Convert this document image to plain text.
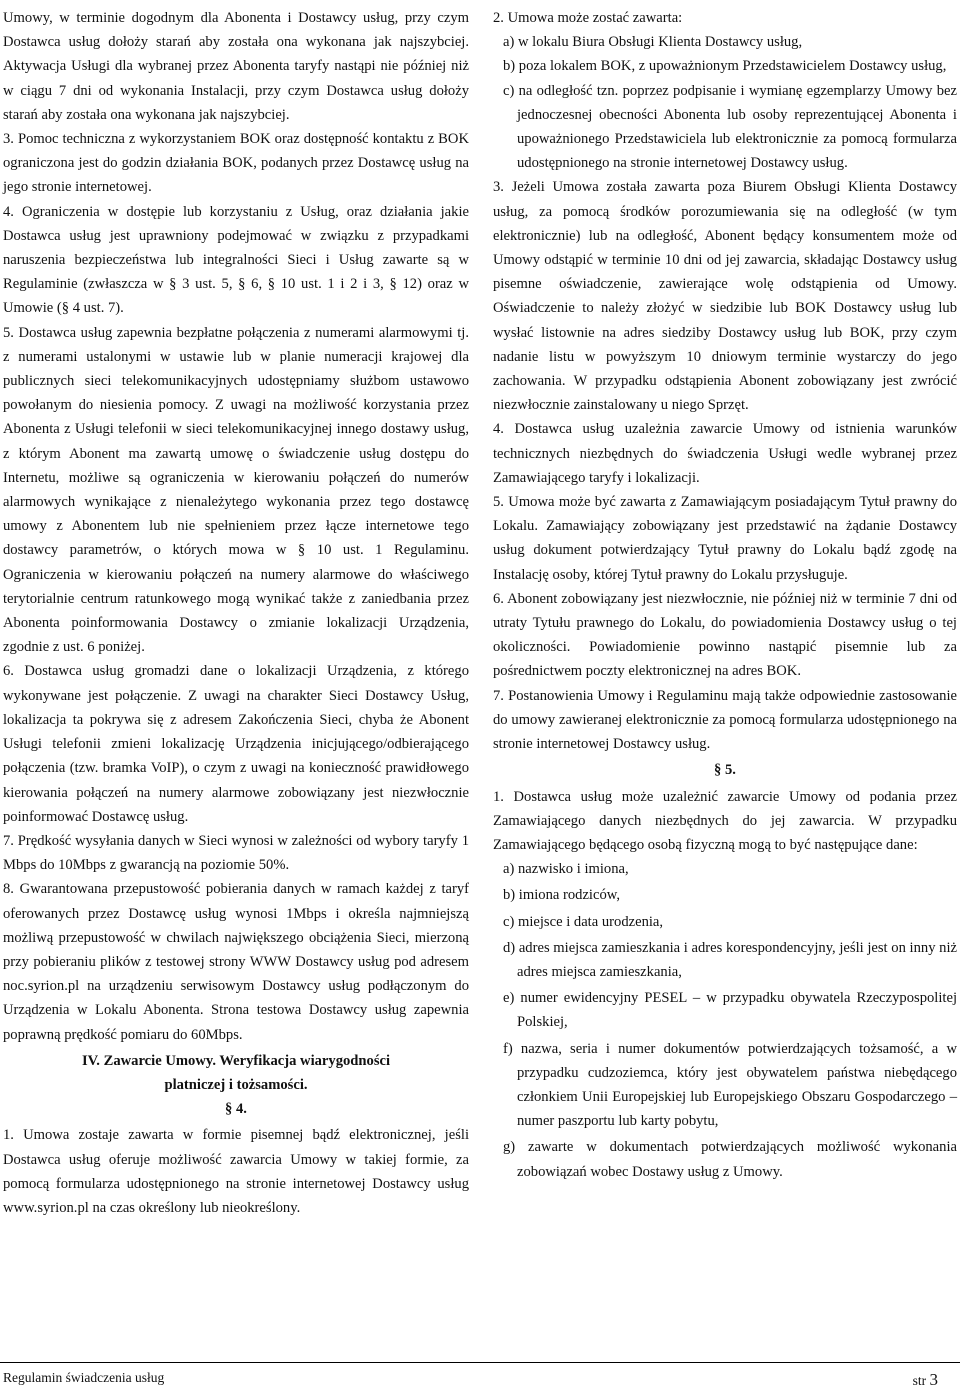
Umowy, w terminie dogodnym dla Abonenta i Dostawcy usług, przy czym Dostawca usług dołoży starań aby została ona wykonana jak najszybciej. Aktywacja Usługi dla wybranej przez Abonenta taryfy nastąpi nie później niż w ciągu 7 dni od wykonania Instalacji, przy czym Dostawca usług dołoży starań aby została ona wykonana jak najszybciej.

3. Pomoc techniczna z wykorzystaniem BOK oraz dostępność kontaktu z BOK ograniczona jest do godzin działania BOK, podanych przez Dostawcę usług na jego stronie internetowej.

4. Ograniczenia w dostępie lub korzystaniu z Usług, oraz działania jakie Dostawca usług jest uprawniony podejmować w związku z przypadkami naruszenia bezpieczeństwa lub integralności Sieci i Usług zawarte są w Regulaminie (zwłaszcza w § 3 ust. 5, § 6, § 10 ust. 1 i 2 i 3, § 12) oraz w Umowie (§ 4 ust. 7).

5. Dostawca usług zapewnia bezpłatne połączenia z numerami alarmowymi tj. z numerami ustalonymi w ustawie lub w planie numeracji krajowej dla publicznych sieci telekomunikacyjnych udostępniamy służbom ustawowo powołanym do niesienia pomocy. Z uwagi na możliwość korzystania przez Abonenta z Usługi telefonii w sieci telekomunikacyjnej innego dostawy usług, z którym Abonent ma zawartą umowę o świadczenie usług dostępu do Internetu, możliwe są ograniczenia w kierowaniu połączeń do numerów alarmowych wynikające z nienależytego wykonania przez tego dostawcę umowy z Abonentem lub nie spełnieniem przez łącze internetowe tego dostawcy parametrów, o których mowa w § 10 ust. 1 Regulaminu. Ograniczenia w kierowaniu połączeń na numery alarmowe do właściwego terytorialnie centrum ratunkowego mogą wynikać także z zaniedbania przez Abonenta poinformowania Dostawcy o zmianie lokalizacji Urządzenia, zgodnie z ust. 6 poniżej.

6. Dostawca usług gromadzi dane o lokalizacji Urządzenia, z którego wykonywane jest połączenie. Z uwagi na charakter Sieci Dostawcy Usług, lokalizacja ta pokrywa się z adresem Zakończenia Sieci, chyba że Abonent Usługi telefonii zmieni lokalizację Urządzenia inicjującego/odbierającego połączenia (tzw. bramka VoIP), o czym z uwagi na konieczność prawidłowego kierowania połączeń na numery alarmowe zobowiązany jest niezwłocznie poinformować Dostawcę usług.

7. Prędkość wysyłania danych w Sieci wynosi w zależności od wybory taryfy 1 Mbps do 10Mbps z gwarancją na poziomie 50%.

8. Gwarantowana przepustowość pobierania danych w ramach każdej z taryf oferowanych przez Dostawcę usług wynosi 1Mbps i określa najmniejszą możliwą przepustowość w chwilach największego obciążenia Sieci, mierzoną przy pobieraniu plików z testowej strony WWW Dostawcy usług pod adresem noc.syrion.pl na urządzeniu serwisowym Dostawcy usług podłączonym do Urządzenia w Lokalu Abonenta. Strona testowa Dostawcy usług zapewnia poprawną prędkość pomiaru do 60Mbps.

IV. Zawarcie Umowy. Weryfikacja wiarygodności
platniczej i tożsamości.
§ 4.

1. Umowa zostaje zawarta w formie pisemnej bądź elektronicznej, jeśli Dostawca usług oferuje możliwość zawarcia Umowy w takiej formie, za pomocą formularza udostępnionego na stronie internetowej Dostawcy usług www.syrion.pl na czas określony lub nieokreślony.

2. Umowa może zostać zawarta:

a) w lokalu Biura Obsługi Klienta Dostawcy usług,

b) poza lokalem BOK, z upoważnionym Przedstawicielem Dostawcy usług,

c) na odległość tzn. poprzez podpisanie i wymianę egzemplarzy Umowy bez jednoczesnej obecności Abonenta lub osoby reprezentującej Abonenta i upoważnionego Przedstawiciela lub elektronicznie za pomocą formularza udostępnionego na stronie internetowej Dostawcy usług.

3. Jeżeli Umowa została zawarta poza Biurem Obsługi Klienta Dostawcy usług, za pomocą środków porozumiewania się na odległość (w tym elektronicznie) lub na odległość, Abonent będący konsumentem może od Umowy odstąpić w terminie 10 dni od jej zawarcia, składając Dostawcy usług pisemne oświadczenie, zawierające wolę odstąpienia od Umowy. Oświadczenie to należy złożyć w siedzibie lub BOK Dostawcy usług lub wysłać listownie na adres siedziby Dostawcy usług lub BOK, przy czym nadanie listu w powyższym 10 dniowym terminie wystarczy do jego zachowania. W przypadku odstąpienia Abonent zobowiązany jest zwrócić niezwłocznie zainstalowany u niego Sprzęt.

4. Dostawca usług uzależnia zawarcie Umowy od istnienia warunków technicznych niezbędnych do świadczenia Usługi wedle wybranej przez Zamawiającego taryfy i lokalizacji.

5. Umowa może być zawarta z Zamawiającym posiadającym Tytuł prawny do Lokalu. Zamawiający zobowiązany jest przedstawić na żądanie Dostawcy usług dokument potwierdzający Tytuł prawny do Lokalu bądź zgodę na Instalację osoby, której Tytuł prawny do Lokalu przysługuje.

6. Abonent zobowiązany jest niezwłocznie, nie później niż w terminie 7 dni od utraty Tytułu prawnego do Lokalu, do powiadomienia Dostawcy usług o tej okoliczności. Powiadomienie powinno nastąpić pisemnie lub za pośrednictwem poczty elektronicznej na adres BOK.

7. Postanowienia Umowy i Regulaminu mają także odpowiednie zastosowanie do umowy zawieranej elektronicznie za pomocą formularza udostępnionego na stronie internetowej Dostawcy usług.

§ 5.

1. Dostawca usług może uzależnić zawarcie Umowy od podania przez Zamawiającego danych niezbędnych do jej zawarcia. W przypadku Zamawiającego będącego osobą fizyczną mogą to być następujące dane:

a) nazwisko i imiona,

b) imiona rodziców,

c) miejsce i data urodzenia,

d) adres miejsca zamieszkania i adres korespondencyjny, jeśli jest on inny niż adres miejsca zamieszkania,

e) numer ewidencyjny PESEL – w przypadku obywatela Rzeczypospolitej Polskiej,

f) nazwa, seria i numer dokumentów potwierdzających tożsamość, a w przypadku cudzoziemca, który jest obywatelem państwa niebędącego członkiem Unii Europejskiej lub Europejskiego Obszaru Gospodarczego – numer paszportu lub karty pobytu,

g) zawarte w dokumentach potwierdzających możliwość wykonania zobowiązań wobec Dostawy usług z Umowy.

Regulamin świadczenia usług	str 3
